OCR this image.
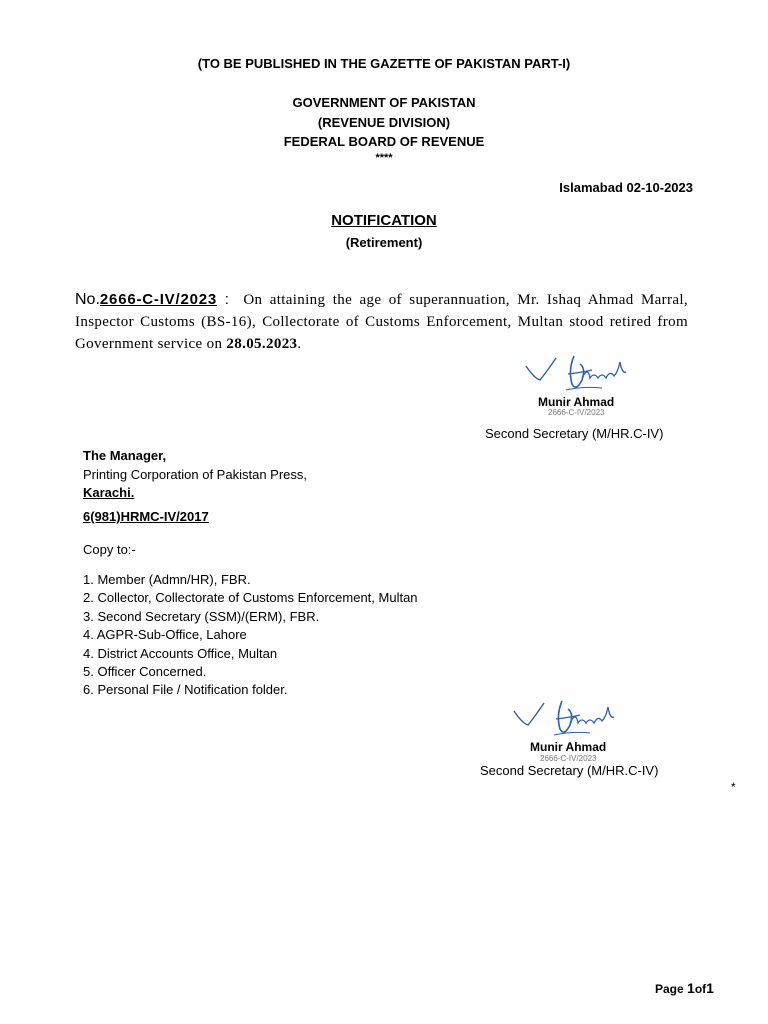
(TO BE PUBLISHED IN THE GAZETTE OF PAKISTAN PART-I)
GOVERNMENT OF PAKISTAN
(REVENUE DIVISION)
FEDERAL BOARD OF REVENUE
****
Islamabad 02-10-2023
NOTIFICATION
(Retirement)
No.2666-C-IV/2023 : On attaining the age of superannuation, Mr. Ishaq Ahmad Marral, Inspector Customs (BS-16), Collectorate of Customs Enforcement, Multan stood retired from Government service on 28.05.2023.
Munir Ahmad
2666-C-IV/2023
Second Secretary (M/HR.C-IV)
The Manager,
Printing Corporation of Pakistan Press,
Karachi.
6(981)HRMC-IV/2017
Copy to:-
1. Member (Admn/HR), FBR.
2. Collector, Collectorate of Customs Enforcement, Multan
3. Second Secretary (SSM)/(ERM), FBR.
4. AGPR-Sub-Office, Lahore
4. District Accounts Office, Multan
5. Officer Concerned.
6. Personal File / Notification folder.
Munir Ahmad
2666-C-IV/2023
Second Secretary (M/HR.C-IV)
*
Page 1of1
